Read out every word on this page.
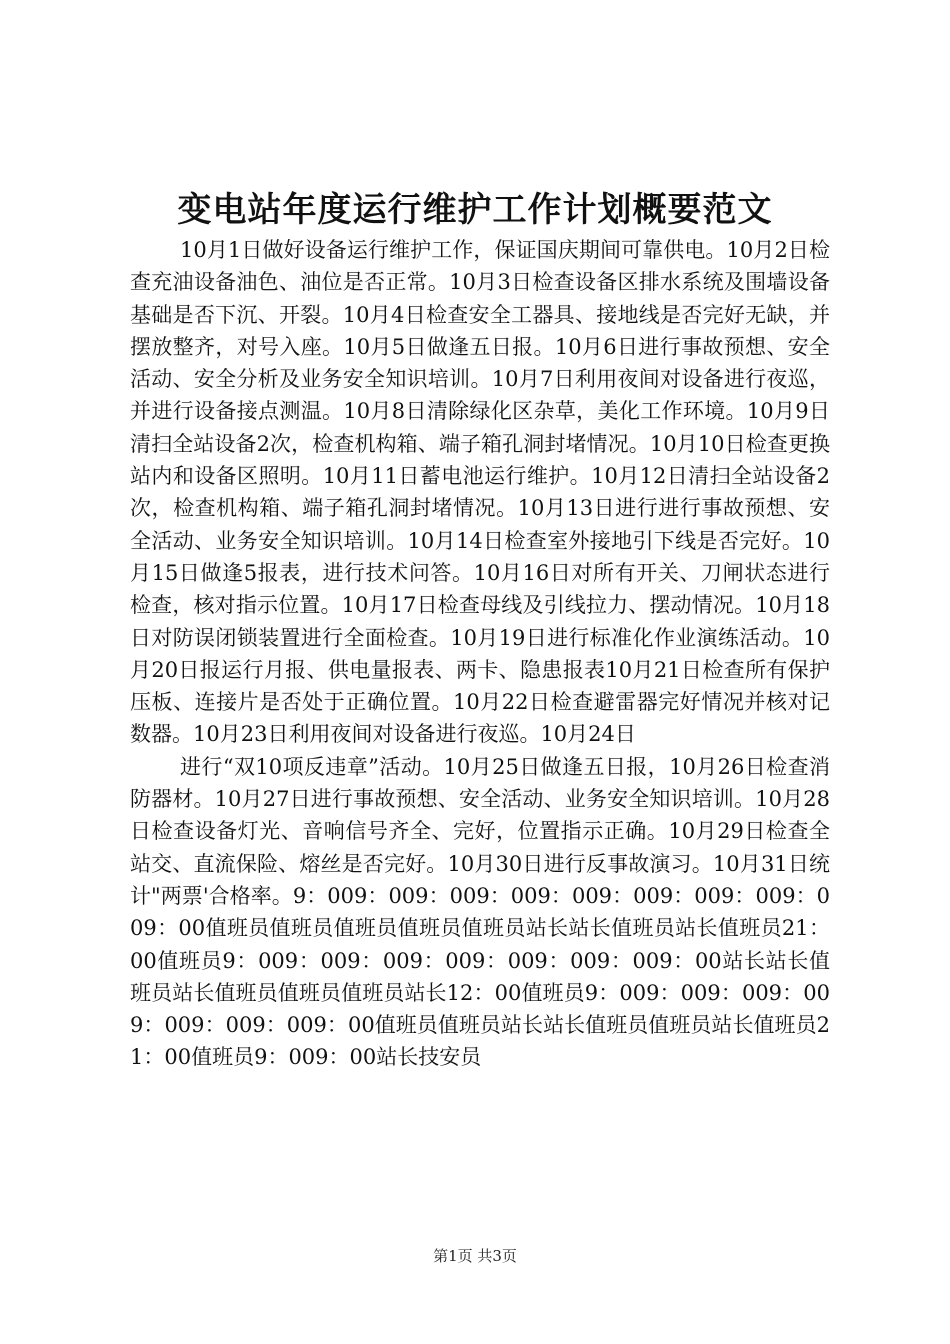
变电站年度运行维护工作计划概要范文

10月1日做好设备运行维护工作，保证国庆期间可靠供电。10月2日检查充油设备油色、油位是否正常。10月3日检查设备区排水系统及围墙设备基础是否下沉、开裂。10月4日检查安全工器具、接地线是否完好无缺，并摆放整齐，对号入座。10月5日做逢五日报。10月6日进行事故预想、安全活动、安全分析及业务安全知识培训。10月7日利用夜间对设备进行夜巡，并进行设备接点测温。10月8日清除绿化区杂草，美化工作环境。10月9日清扫全站设备2次，检查机构箱、端子箱孔洞封堵情况。10月10日检查更换站内和设备区照明。10月11日蓄电池运行维护。10月12日清扫全站设备2次，检查机构箱、端子箱孔洞封堵情况。10月13日进行进行事故预想、安全活动、业务安全知识培训。10月14日检查室外接地引下线是否完好。10月15日做逢5报表，进行技术问答。10月16日对所有开关、刀闸状态进行检查，核对指示位置。10月17日检查母线及引线拉力、摆动情况。10月18日对防误闭锁装置进行全面检查。10月19日进行标准化作业演练活动。10月20日报运行月报、供电量报表、两卡、隐患报表10月21日检查所有保护压板、连接片是否处于正确位置。10月22日检查避雷器完好情况并核对记数器。10月23日利用夜间对设备进行夜巡。10月24日

进行“双10项反违章”活动。10月25日做逢五日报，10月26日检查消防器材。10月27日进行事故预想、安全活动、业务安全知识培训。10月28日检查设备灯光、音响信号齐全、完好，位置指示正确。10月29日检查全站交、直流保险、熔丝是否完好。10月30日进行反事故演习。10月31日统计"两票'合格率。9：009：009：009：009：009：009：009：009：009：00值班员值班员值班员值班员值班员站长站长值班员站长值班员21：00值班员9：009：009：009：009：009：009：009：00站长站长值班员站长值班员值班员值班员站长12：00值班员9：009：009：009：009：009：009：009：00值班员值班员站长站长值班员值班员站长值班员21：00值班员9：009：00站长技安员

第1页 共3页
